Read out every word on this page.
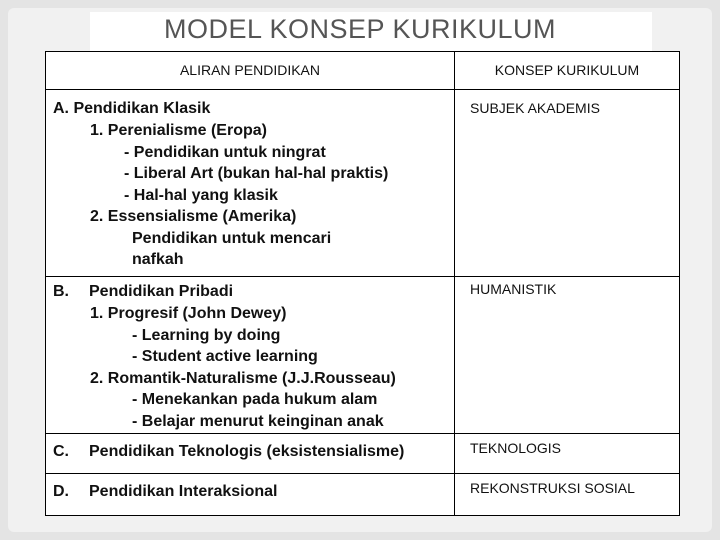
MODEL KONSEP KURIKULUM
ALIRAN PENDIDIKAN	KONSEP KURIKULUM
A. Pendidikan Klasik
1. Perenialisme (Eropa)
- Pendidikan untuk ningrat
- Liberal Art (bukan hal-hal praktis)
- Hal-hal yang klasik
2. Essensialisme (Amerika)
Pendidikan untuk mencari
nafkah
SUBJEK AKADEMIS
B. Pendidikan Pribadi
1. Progresif (John Dewey)
- Learning by doing
- Student active learning
2. Romantik-Naturalisme (J.J.Rousseau)
- Menekankan pada hukum alam
- Belajar menurut keinginan anak
HUMANISTIK
C. Pendidikan Teknologis (eksistensialisme)	TEKNOLOGIS
D. Pendidikan Interaksional	REKONSTRUKSI SOSIAL
